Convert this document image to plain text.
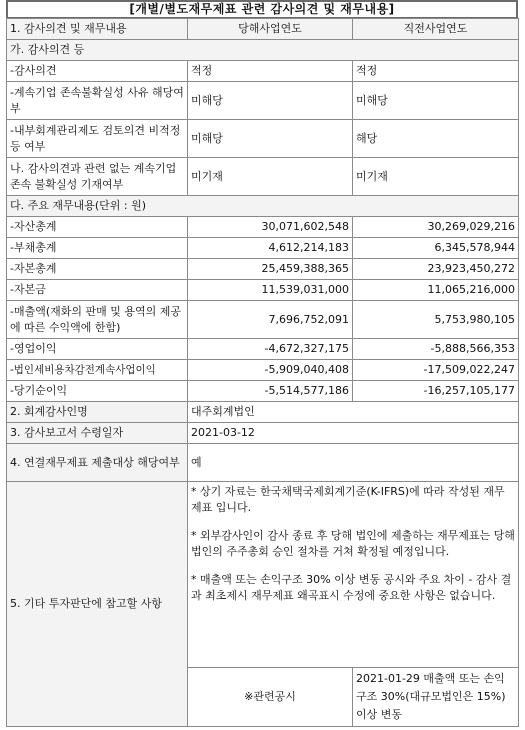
[개별/별도재무제표 관련 감사의견 및 재무내용]
1. 감사의견 및 재무내용	당해사업연도	직전사업연도
가. 감사의견 등		
-감사의견	적정	적정
-계속기업 존속불확실성 사유 해당여부	미해당	미해당
-내부회계관리제도 검토의견 비적정 등 여부	미해당	해당
나. 감사의견과 관련 없는 계속기업 존속 불확실성 기재여부	미기재	미기재
다. 주요 재무내용(단위 : 원)		
-자산총계	30,071,602,548	30,269,029,216
-부채총계	4,612,214,183	6,345,578,944
-자본총계	25,459,388,365	23,923,450,272
-자본금	11,539,031,000	11,065,216,000
-매출액(재화의 판매 및 용역의 제공에 따른 수익액에 한함)	7,696,752,091	5,753,980,105
-영업이익	-4,672,327,175	-5,888,566,353
-법인세비용차감전계속사업이익	-5,909,040,408	-17,509,022,247
-당기순이익	-5,514,577,186	-16,257,105,177
2. 회계감사인명	대주회계법인	
3. 감사보고서 수령일자	2021-03-12	
4. 연결재무제표 제출대상 해당여부	예	
5. 기타 투자판단에 참고할 사항	* 상기 자료는 한국채택국제회계기준(K-IFRS)에 따라 작성된 재무제표 입니다.

* 외부감사인이 감사 종료 후 당해 법인에 제출하는 재무제표는 당해 법인의 주주총회 승인 절차를 거쳐 확정될 예정입니다.

* 매출액 또는 손익구조 30% 이상 변동 공시와 주요 차이 - 감사 결과 최초제시 재무제표 왜곡표시 수정에 중요한 사항은 없습니다.	

	※관련공시	2021-01-29 매출액 또는 손익구조 30%(대규모법인은 15%) 이상 변동
